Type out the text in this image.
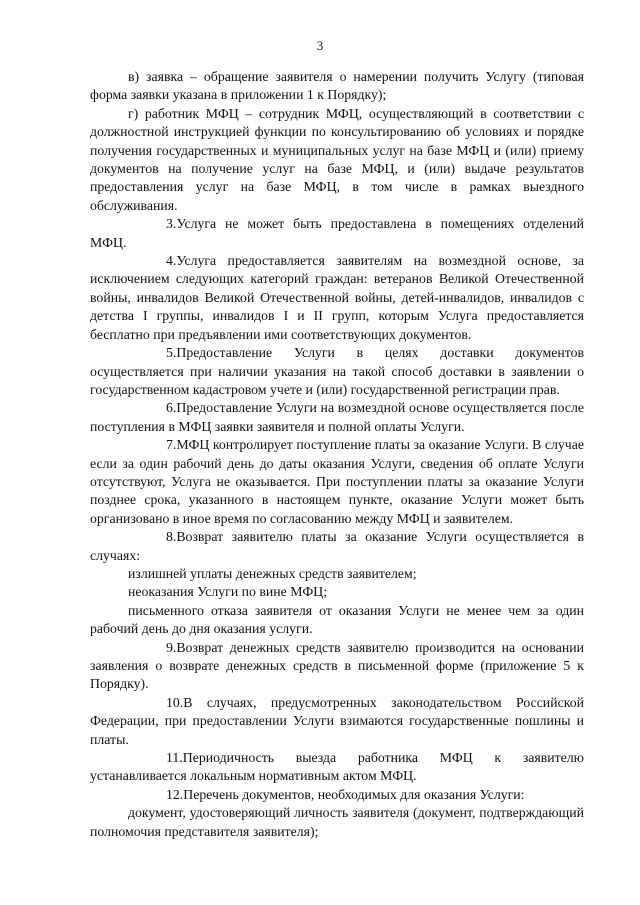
3

в) заявка – обращение заявителя о намерении получить Услугу (типовая форма заявки указана в приложении 1 к Порядку);

г) работник МФЦ – сотрудник МФЦ, осуществляющий в соответствии с должностной инструкцией функции по консультированию об условиях и порядке получения государственных и муниципальных услуг на базе МФЦ и (или) приему документов на получение услуг на базе МФЦ, и (или) выдаче результатов предоставления услуг на базе МФЦ, в том числе в рамках выездного обслуживания.

3.Услуга не может быть предоставлена в помещениях отделений МФЦ.

4.Услуга предоставляется заявителям на возмездной основе, за исключением следующих категорий граждан: ветеранов Великой Отечественной войны, инвалидов Великой Отечественной войны, детей-инвалидов, инвалидов с детства I группы, инвалидов I и II групп, которым Услуга предоставляется бесплатно при предъявлении ими соответствующих документов.

5.Предоставление Услуги в целях доставки документов осуществляется при наличии указания на такой способ доставки в заявлении о государственном кадастровом учете и (или) государственной регистрации прав.

6.Предоставление Услуги на возмездной основе осуществляется после поступления в МФЦ заявки заявителя и полной оплаты Услуги.

7.МФЦ контролирует поступление платы за оказание Услуги. В случае если за один рабочий день до даты оказания Услуги, сведения об оплате Услуги отсутствуют, Услуга не оказывается. При поступлении платы за оказание Услуги позднее срока, указанного в настоящем пункте, оказание Услуги может быть организовано в иное время по согласованию между МФЦ и заявителем.

8.Возврат заявителю платы за оказание Услуги осуществляется в случаях:

излишней уплаты денежных средств заявителем;

неоказания Услуги по вине МФЦ;

письменного отказа заявителя от оказания Услуги не менее чем за один рабочий день до дня оказания услуги.

9.Возврат денежных средств заявителю производится на основании заявления о возврате денежных средств в письменной форме (приложение 5 к Порядку).

10.В случаях, предусмотренных законодательством Российской Федерации, при предоставлении Услуги взимаются государственные пошлины и платы.

11.Периодичность выезда работника МФЦ к заявителю устанавливается локальным нормативным актом МФЦ.

12.Перечень документов, необходимых для оказания Услуги:

документ, удостоверяющий личность заявителя (документ, подтверждающий полномочия представителя заявителя);
